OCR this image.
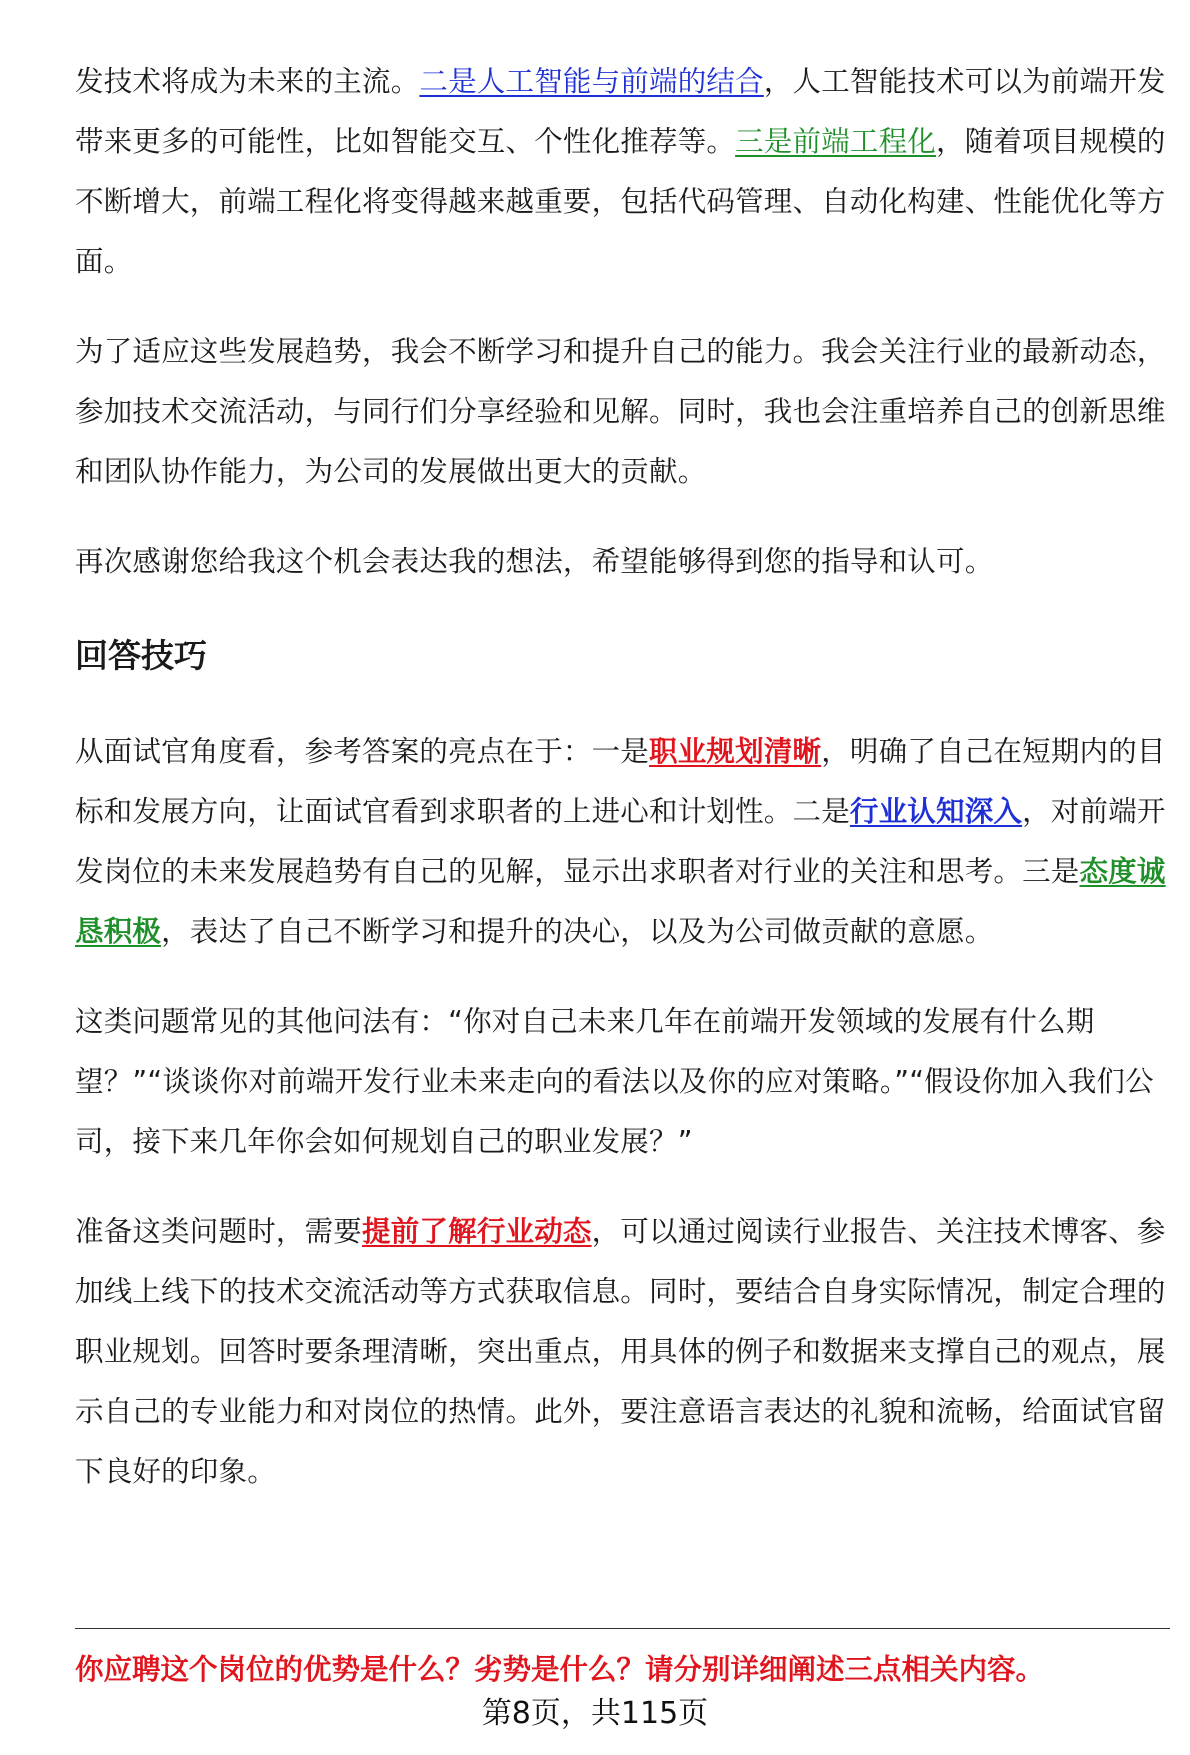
发技术将成为未来的主流。二是人工智能与前端的结合，人工智能技术可以为前端开发带来更多的可能性，比如智能交互、个性化推荐等。三是前端工程化，随着项目规模的不断增大，前端工程化将变得越来越重要，包括代码管理、自动化构建、性能优化等方面。

为了适应这些发展趋势，我会不断学习和提升自己的能力。我会关注行业的最新动态，参加技术交流活动，与同行们分享经验和见解。同时，我也会注重培养自己的创新思维和团队协作能力，为公司的发展做出更大的贡献。

再次感谢您给我这个机会表达我的想法，希望能够得到您的指导和认可。

回答技巧

从面试官角度看，参考答案的亮点在于：一是职业规划清晰，明确了自己在短期内的目标和发展方向，让面试官看到求职者的上进心和计划性。二是行业认知深入，对前端开发岗位的未来发展趋势有自己的见解，显示出求职者对行业的关注和思考。三是态度诚恳积极，表达了自己不断学习和提升的决心，以及为公司做贡献的意愿。

这类问题常见的其他问法有：“你对自己未来几年在前端开发领域的发展有什么期望？”“谈谈你对前端开发行业未来走向的看法以及你的应对策略。”“假设你加入我们公司，接下来几年你会如何规划自己的职业发展？”

准备这类问题时，需要提前了解行业动态，可以通过阅读行业报告、关注技术博客、参加线上线下的技术交流活动等方式获取信息。同时，要结合自身实际情况，制定合理的职业规划。回答时要条理清晰，突出重点，用具体的例子和数据来支撑自己的观点，展示自己的专业能力和对岗位的热情。此外，要注意语言表达的礼貌和流畅，给面试官留下良好的印象。

你应聘这个岗位的优势是什么？劣势是什么？请分别详细阐述三点相关内容。

第8页，共115页
